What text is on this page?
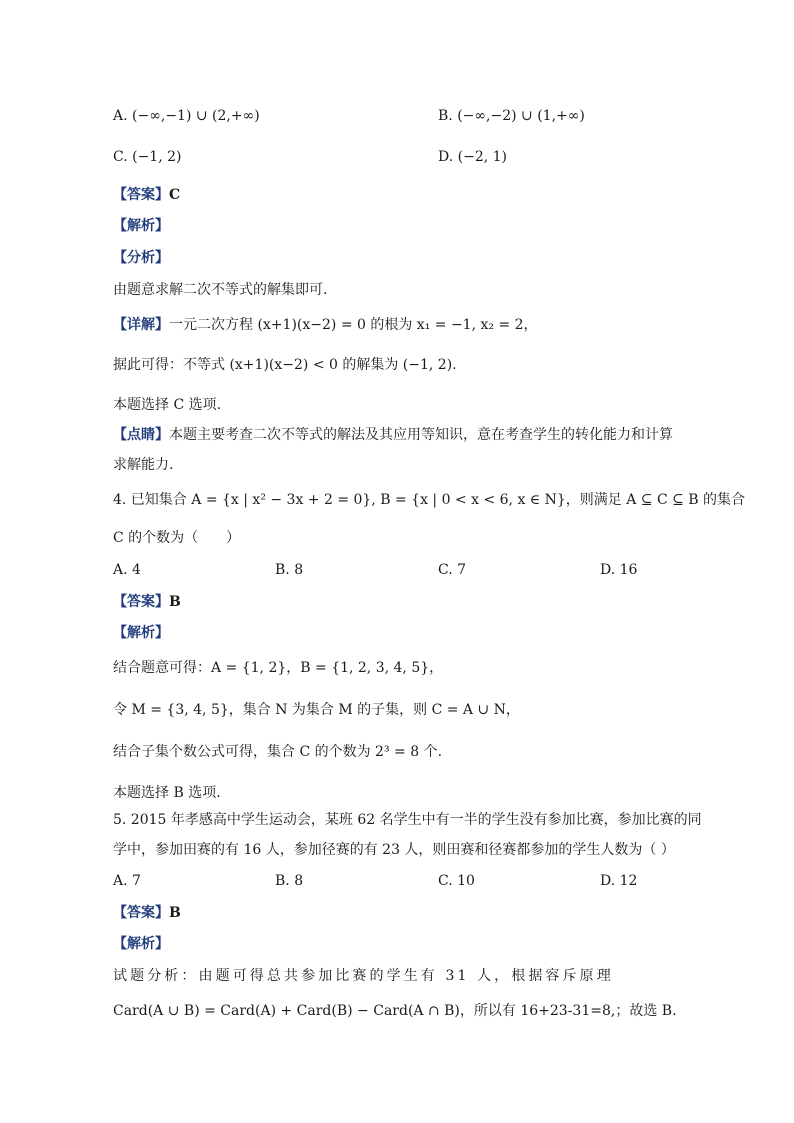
A. (−∞,−1) ∪ (2,+∞)	B. (−∞,−2) ∪ (1,+∞)
C. (−1, 2)	D. (−2, 1)
【答案】C
【解析】
【分析】
由题意求解二次不等式的解集即可.
【详解】一元二次方程 (x+1)(x−2) = 0 的根为 x₁ = −1, x₂ = 2，
据此可得：不等式 (x+1)(x−2) < 0 的解集为 (−1, 2).
本题选择 C 选项.
【点睛】本题主要考查二次不等式的解法及其应用等知识，意在考查学生的转化能力和计算
求解能力.
4. 已知集合 A = {x | x² − 3x + 2 = 0}, B = {x | 0 < x < 6, x ∈ N}，则满足 A ⊆ C ⊆ B 的集合
C 的个数为（　　）
A. 4	B. 8	C. 7	D. 16
【答案】B
【解析】
结合题意可得：A = {1, 2}，B = {1, 2, 3, 4, 5}，
令 M = {3, 4, 5}，集合 N 为集合 M 的子集，则 C = A ∪ N，
结合子集个数公式可得，集合 C 的个数为 2³ = 8 个.
本题选择 B 选项.
5. 2015 年孝感高中学生运动会，某班 62 名学生中有一半的学生没有参加比赛，参加比赛的同
学中，参加田赛的有 16 人，参加径赛的有 23 人，则田赛和径赛都参加的学生人数为（ ）
A. 7	B. 8	C. 10	D. 12
【答案】B
【解析】
试题分析：由题可得总共参加比赛的学生有 31 人，根据容斥原理
Card(A ∪ B) = Card(A) + Card(B) − Card(A ∩ B)，所以有 16+23-31=8,；故选 B.
